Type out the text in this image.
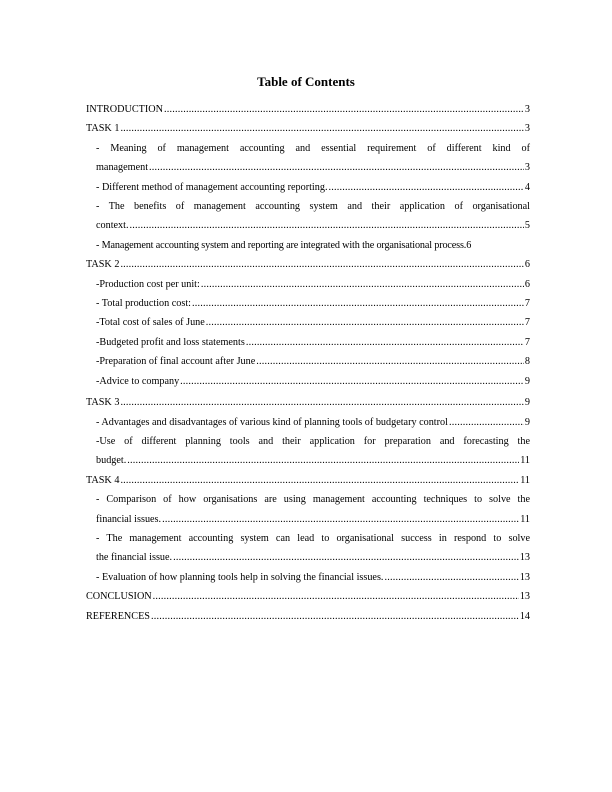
Table of Contents
INTRODUCTION .....	3
TASK 1 .....	3
- Meaning of management accounting and essential requirement of different kind of
management .....	3
- Different method of management accounting reporting. .....	4
- The benefits of management accounting system and their application of organisational
context. .....	5
- Management accounting system and reporting are integrated with the organisational process. 6
TASK 2 .....	6
-Production cost per unit: .....	6
- Total production cost: .....	7
-Total cost of sales of June .....	7
-Budgeted profit and loss statements .....	7
-Preparation of final account after June .....	8
-Advice to company .....	9
TASK 3 .....	9
- Advantages and disadvantages of various kind of planning tools of budgetary control .....	9
-Use of different planning tools and their application for preparation and forecasting the
budget. .....	11
TASK 4 .....	11
- Comparison of how organisations are using management accounting techniques to solve the
financial issues. .....	11
- The management accounting system can lead to organisational success in respond to solve
the financial issue. .....	13
- Evaluation of how planning tools help in solving the financial issues. .....	13
CONCLUSION .....	13
REFERENCES .....	14
